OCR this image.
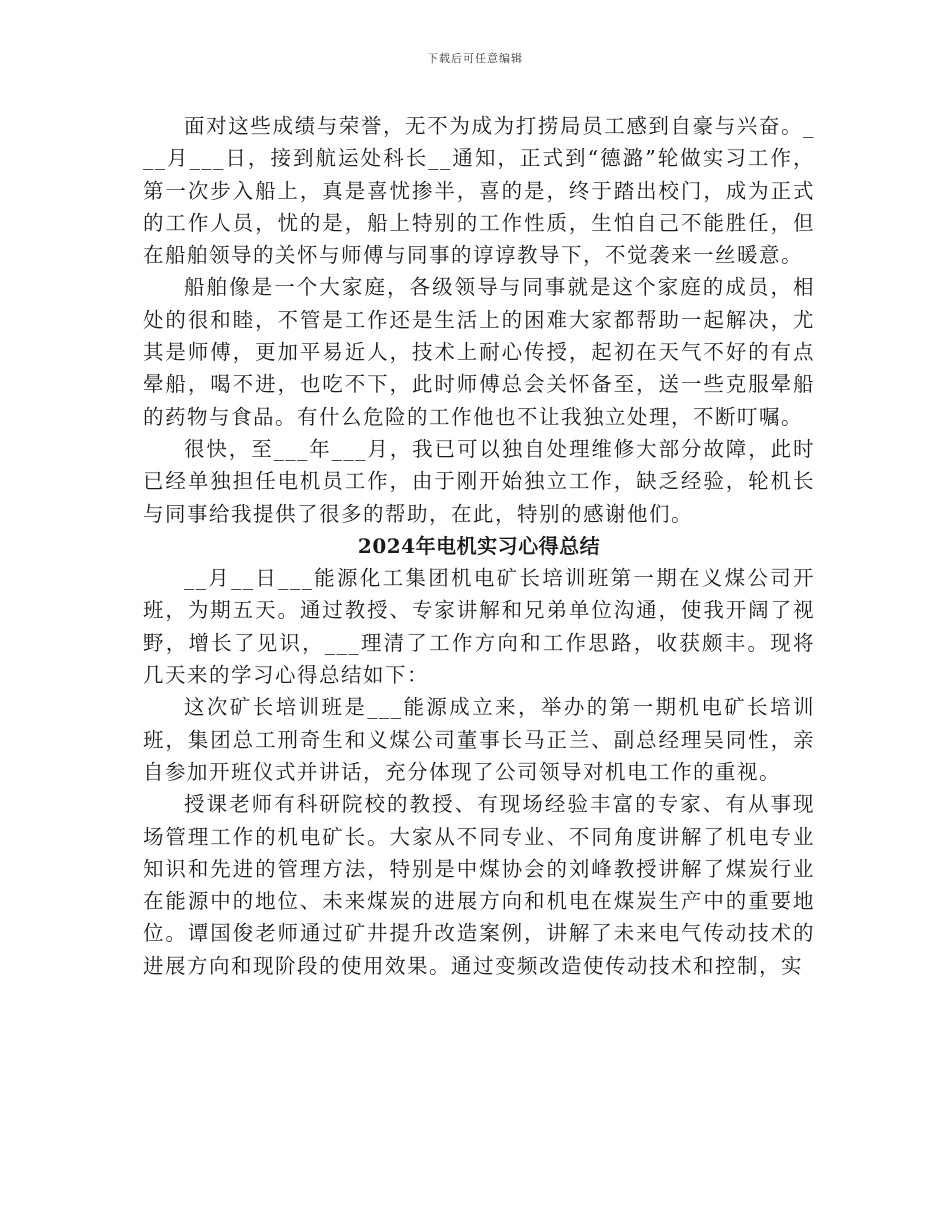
下载后可任意编辑

面对这些成绩与荣誉，无不为成为打捞局员工感到自豪与兴奋。___月___日，接到航运处科长__通知，正式到“德潞”轮做实习工作，第一次步入船上，真是喜忧掺半，喜的是，终于踏出校门，成为正式的工作人员，忧的是，船上特别的工作性质，生怕自己不能胜任，但在船舶领导的关怀与师傅与同事的谆谆教导下，不觉袭来一丝暖意。

船舶像是一个大家庭，各级领导与同事就是这个家庭的成员，相处的很和睦，不管是工作还是生活上的困难大家都帮助一起解决，尤其是师傅，更加平易近人，技术上耐心传授，起初在天气不好的有点晕船，喝不进，也吃不下，此时师傅总会关怀备至，送一些克服晕船的药物与食品。有什么危险的工作他也不让我独立处理，不断叮嘱。

很快，至___年___月，我已可以独自处理维修大部分故障，此时已经单独担任电机员工作，由于刚开始独立工作，缺乏经验，轮机长与同事给我提供了很多的帮助，在此，特别的感谢他们。

2024年电机实习心得总结

__月__日___能源化工集团机电矿长培训班第一期在义煤公司开班，为期五天。通过教授、专家讲解和兄弟单位沟通，使我开阔了视野，增长了见识，___理清了工作方向和工作思路，收获颇丰。现将几天来的学习心得总结如下：

这次矿长培训班是___能源成立来，举办的第一期机电矿长培训班，集团总工刑奇生和义煤公司董事长马正兰、副总经理吴同性，亲自参加开班仪式并讲话，充分体现了公司领导对机电工作的重视。

授课老师有科研院校的教授、有现场经验丰富的专家、有从事现场管理工作的机电矿长。大家从不同专业、不同角度讲解了机电专业知识和先进的管理方法，特别是中煤协会的刘峰教授讲解了煤炭行业在能源中的地位、未来煤炭的进展方向和机电在煤炭生产中的重要地位。谭国俊老师通过矿井提升改造案例，讲解了未来电气传动技术的进展方向和现阶段的使用效果。通过变频改造使传动技术和控制，实
